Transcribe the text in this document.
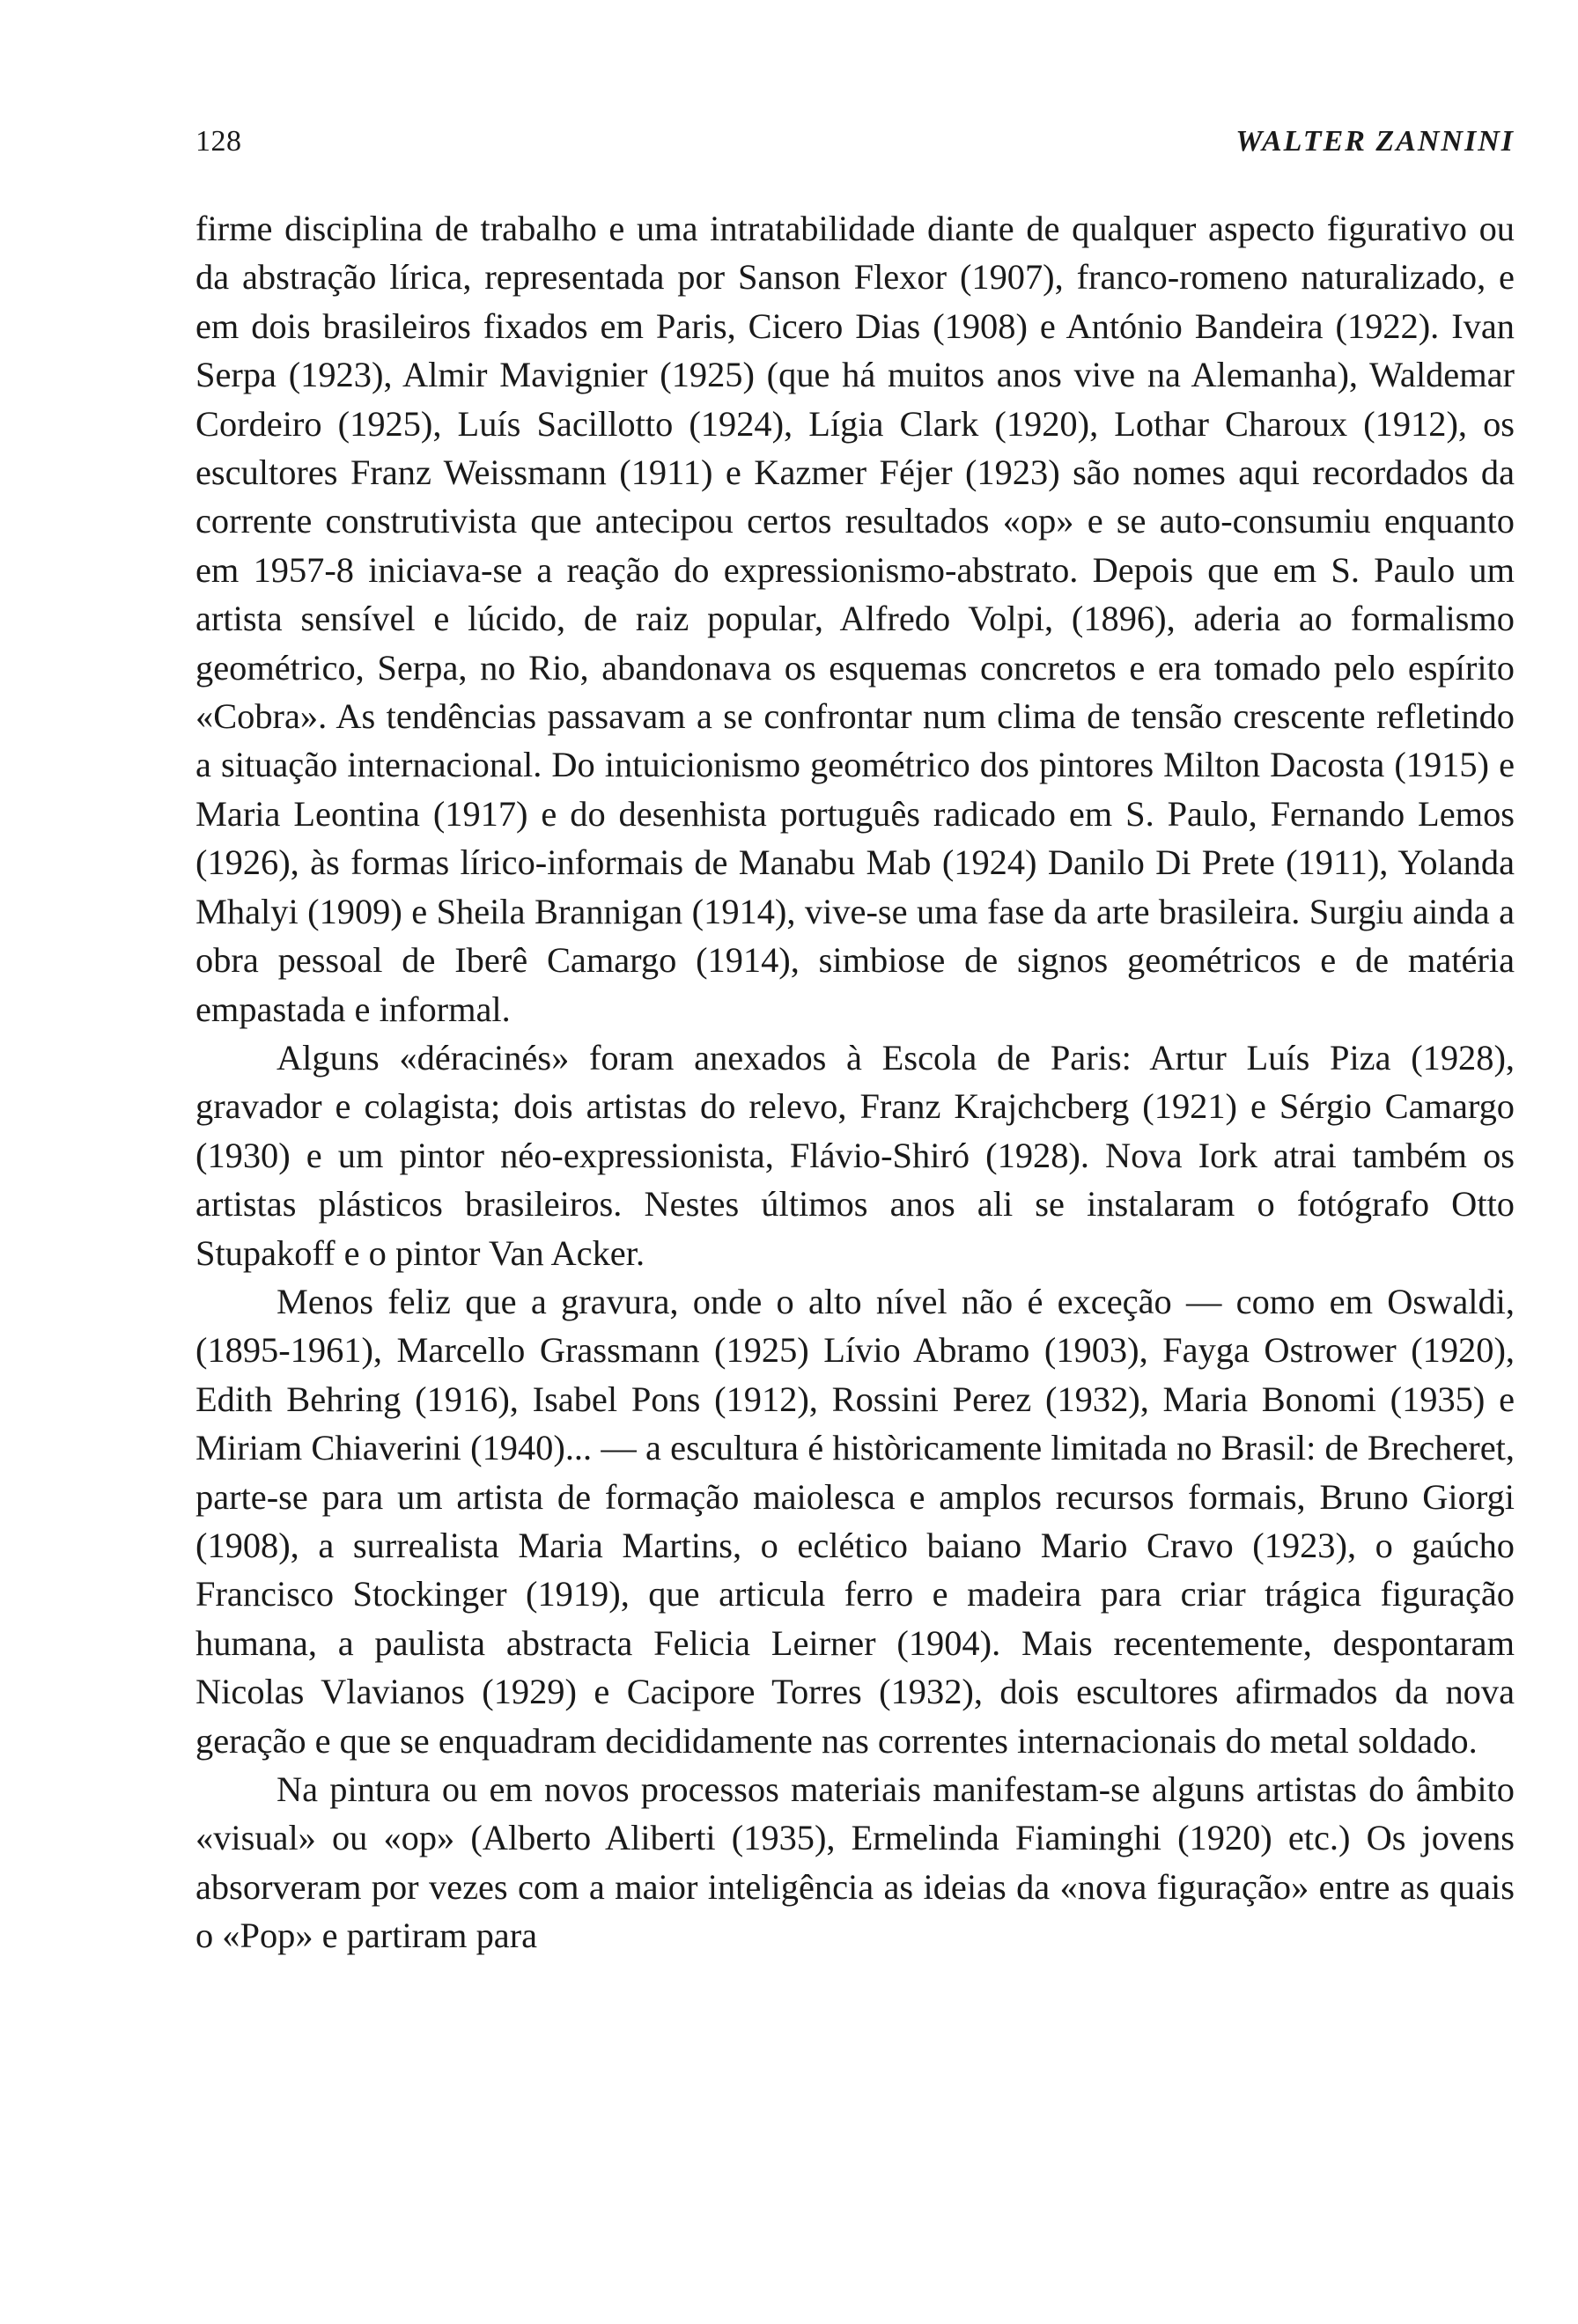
128	WALTER ZANNINI

firme disciplina de trabalho e uma intratabilidade diante de qualquer aspecto figurativo ou da abstração lírica, representada por Sanson Flexor (1907), franco-romeno naturalizado, e em dois brasileiros fixados em Paris, Cicero Dias (1908) e António Bandeira (1922). Ivan Serpa (1923), Almir Mavignier (1925) (que há muitos anos vive na Alemanha), Waldemar Cordeiro (1925), Luís Sacillotto (1924), Lígia Clark (1920), Lothar Charoux (1912), os escultores Franz Weissmann (1911) e Kazmer Féjer (1923) são nomes aqui recordados da corrente construtivista que antecipou certos resultados «op» e se auto-consumiu enquanto em 1957-8 iniciava-se a reação do expressionismo-abstrato. Depois que em S. Paulo um artista sensível e lúcido, de raiz popular, Alfredo Volpi, (1896), aderia ao formalismo geométrico, Serpa, no Rio, abandonava os esquemas concretos e era tomado pelo espírito «Cobra». As tendências passavam a se confrontar num clima de tensão crescente refletindo a situação internacional. Do intuicionismo geométrico dos pintores Milton Dacosta (1915) e Maria Leontina (1917) e do desenhista português radicado em S. Paulo, Fernando Lemos (1926), às formas lírico-informais de Manabu Mab (1924) Danilo Di Prete (1911), Yolanda Mhalyi (1909) e Sheila Brannigan (1914), vive-se uma fase da arte brasileira. Surgiu ainda a obra pessoal de Iberê Camargo (1914), simbiose de signos geométricos e de matéria empastada e informal.

Alguns «déracinés» foram anexados à Escola de Paris: Artur Luís Piza (1928), gravador e colagista; dois artistas do relevo, Franz Krajchcberg (1921) e Sérgio Camargo (1930) e um pintor néo-expressionista, Flávio-Shiró (1928). Nova Iork atrai também os artistas plásticos brasileiros. Nestes últimos anos ali se instalaram o fotógrafo Otto Stupakoff e o pintor Van Acker.

Menos feliz que a gravura, onde o alto nível não é exceção — como em Oswaldi, (1895-1961), Marcello Grassmann (1925) Lívio Abramo (1903), Fayga Ostrower (1920), Edith Behring (1916), Isabel Pons (1912), Rossini Perez (1932), Maria Bonomi (1935) e Miriam Chiaverini (1940)... — a escultura é històricamente limitada no Brasil: de Brecheret, parte-se para um artista de formação maiolesca e amplos recursos formais, Bruno Giorgi (1908), a surrealista Maria Martins, o eclético baiano Mario Cravo (1923), o gaúcho Francisco Stockinger (1919), que articula ferro e madeira para criar trágica figuração humana, a paulista abstracta Felicia Leirner (1904). Mais recentemente, despontaram Nicolas Vlavianos (1929) e Cacipore Torres (1932), dois escultores afirmados da nova geração e que se enquadram decididamente nas correntes internacionais do metal soldado.

Na pintura ou em novos processos materiais manifestam-se alguns artistas do âmbito «visual» ou «op» (Alberto Aliberti (1935), Ermelinda Fiaminghi (1920) etc.) Os jovens absorveram por vezes com a maior inteligência as ideias da «nova figuração» entre as quais o «Pop» e partiram para
